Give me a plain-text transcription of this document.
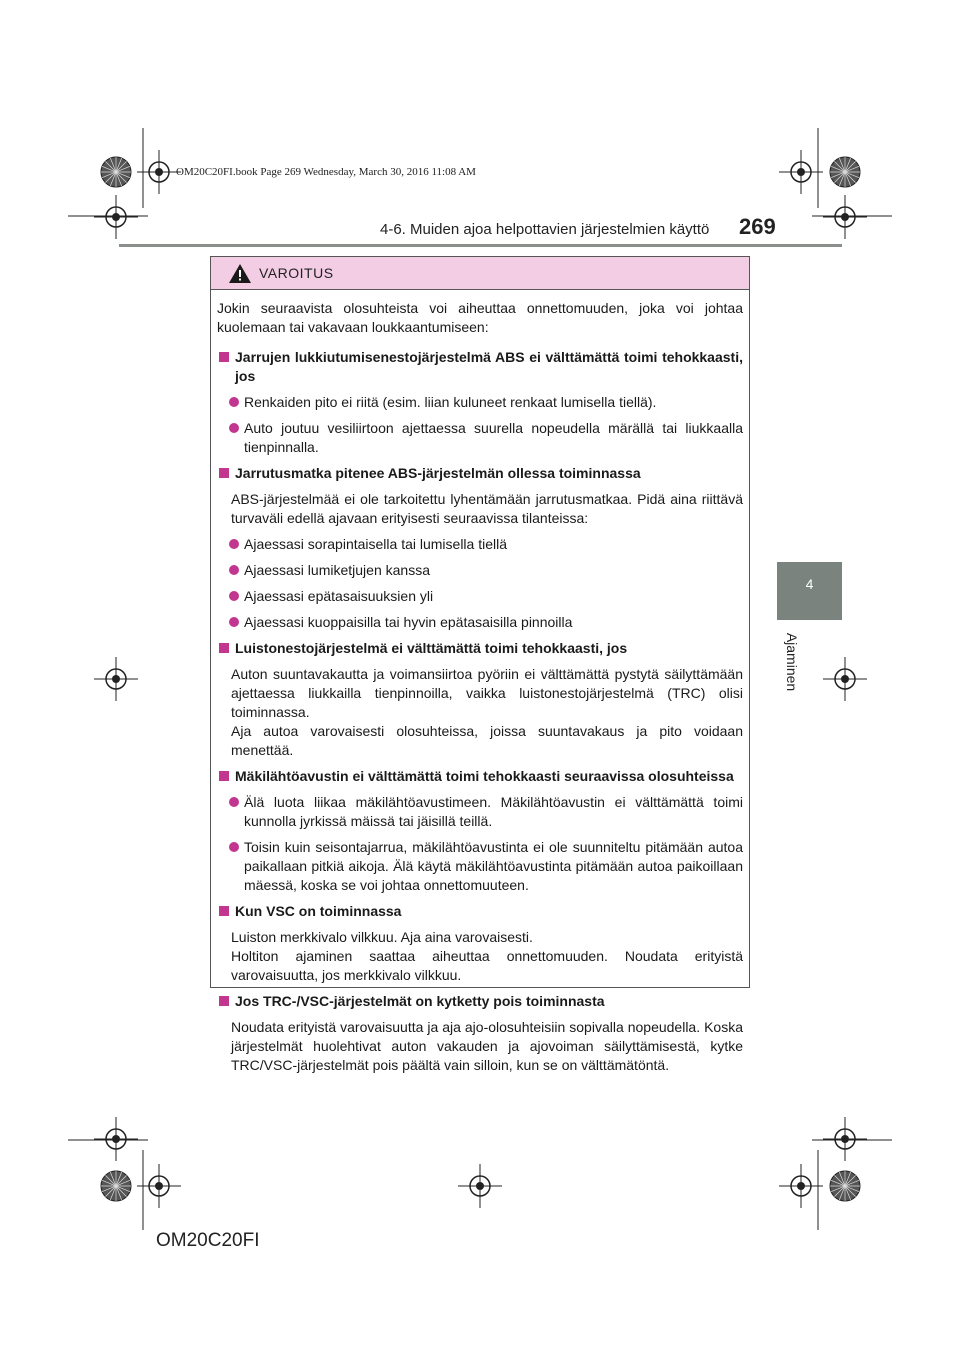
OM20C20FI.book Page 269 Wednesday, March 30, 2016 11:08 AM
4-6. Muiden ajoa helpottavien järjestelmien käyttö 269
4
Ajaminen
VAROITUS

Jokin seuraavista olosuhteista voi aiheuttaa onnettomuuden, joka voi johtaa kuolemaan tai vakavaan loukkaantumiseen:

Jarrujen lukkiutumisenestojärjestelmä ABS ei välttämättä toimi tehokkaasti, jos
Renkaiden pito ei riitä (esim. liian kuluneet renkaat lumisella tiellä).
Auto joutuu vesiliirtoon ajettaessa suurella nopeudella märällä tai liukkaalla tienpinnalla.
Jarrutusmatka pitenee ABS-järjestelmän ollessa toiminnassa

ABS-järjestelmää ei ole tarkoitettu lyhentämään jarrutusmatkaa. Pidä aina riittävä turvaväli edellä ajavaan erityisesti seuraavissa tilanteissa:

Ajaessasi sorapintaisella tai lumisella tiellä
Ajaessasi lumiketjujen kanssa
Ajaessasi epätasaisuuksien yli
Ajaessasi kuoppaisilla tai hyvin epätasaisilla pinnoilla
Luistonestojärjestelmä ei välttämättä toimi tehokkaasti, jos
Auton suuntavakautta ja voimansiirtoa pyöriin ei välttämättä pystytä säilyttämään ajettaessa liukkailla tienpinnoilla, vaikka luistonestojärjestelmä (TRC) olisi toiminnassa.
Aja autoa varovaisesti olosuhteissa, joissa suuntavakaus ja pito voidaan menettää.
Mäkilähtöavustin ei välttämättä toimi tehokkaasti seuraavissa olosuhteissa
Älä luota liikaa mäkilähtöavustimeen. Mäkilähtöavustin ei välttämättä toimi kunnolla jyrkissä mäissä tai jäisillä teillä.
Toisin kuin seisontajarrua, mäkilähtöavustinta ei ole suunniteltu pitämään autoa paikallaan pitkiä aikoja. Älä käytä mäkilähtöavustinta pitämään autoa paikoillaan mäessä, koska se voi johtaa onnettomuuteen.
Kun VSC on toiminnassa
Luiston merkkivalo vilkkuu. Aja aina varovaisesti.
Holtiton ajaminen saattaa aiheuttaa onnettomuuden. Noudata erityistä varovaisuutta, jos merkkivalo vilkkuu.
Jos TRC-/VSC-järjestelmät on kytketty pois toiminnasta

Noudata erityistä varovaisuutta ja aja ajo-olosuhteisiin sopivalla nopeudella. Koska järjestelmät huolehtivat auton vakauden ja ajovoiman säilyttämisestä, kytke TRC/VSC-järjestelmät pois päältä vain silloin, kun se on välttämätöntä.

OM20C20FI
